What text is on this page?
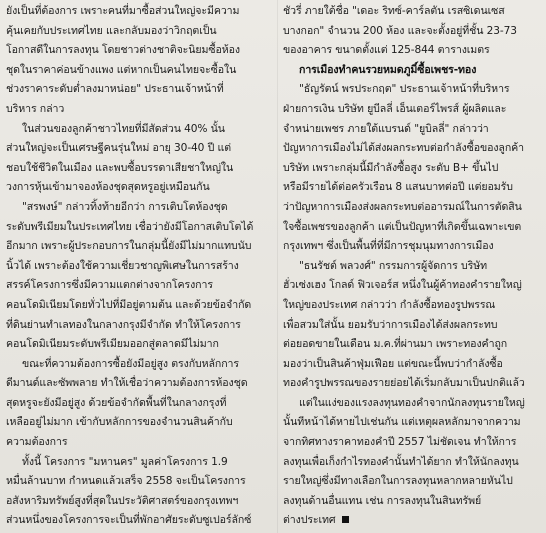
ยังเป็นที่ต้องการ เพราะคนที่มาซื้อส่วนใหญ่จะมีความ
คุ้นเคยกับประเทศไทย และกลับมองว่าวิกฤตเป็น
โอกาสดีในการลงทุน โดยชาวต่างชาติจะนิยมซื้อห้อง
ชุดในราคาค่อนข้างแพง แต่หากเป็นคนไทยจะซื้อใน
ช่วงราคาระดับต่ำลงมาหน่อย" ประธานเจ้าหน้าที่
บริหาร กล่าว
ในส่วนของลูกค้าชาวไทยที่มีสัดส่วน 40% นั้น
ส่วนใหญ่จะเป็นเศรษฐีคนรุ่นใหม่ อายุ 30-40 ปี แต่
ชอบใช้ชีวิตในเมือง และพบซื้อบรรดาเสียชาใหญ่ใน
วงการหุ้นเข้ามาจองห้องชุดสุดหรูอยู่เหมือนกัน
"สรพงษ์" กล่าวทิ้งท้ายอีกว่า การเติบโตห้องชุด
ระดับพรีเมียมในประเทศไทย เชื่อว่ายังมีโอกาสเติบโตได้
อีกมาก เพราะผู้ประกอบการในกลุ่มนี้ยังมีไม่มากแทบนับ
นิ้วได้ เพราะต้องใช้ความเชี่ยวชาญพิเศษในการสร้าง
สรรค์โครงการซึ่งมีความแตกต่างจากโครงการ
คอนโดมิเนียมโดยทั่วไปที่มีอยู่ตามต้น และด้วยข้อจำกัด
ที่ดินย่านทำเลทองในกลางกรุงมีจำกัด ทำให้โครงการ
คอนโดมิเนียมระดับพรีเมียมออกสู่ตลาดมีไม่มาก
ขณะที่ความต้องการซื้อยังมีอยู่สูง ตรงกับหลักการ
ดีมานด์และซัพพลาย ทำให้เชื่อว่าความต้องการห้องชุด
สุดหรูจะยังมีอยู่สูง ด้วยข้อจำกัดพื้นที่ในกลางกรุงที่
เหลืออยู่ไม่มาก เข้ากับหลักการของจำนวนสินค้ากับ
ความต้องการ
ทั้งนี้ โครงการ "มหานคร" มูลค่าโครงการ 1.9
หมื่นล้านบาท กำหนดแล้วเสร็จ 2558 จะเป็นโครงการ
อสังหาริมทรัพย์สูงที่สุดในประวัติศาสตร์ของกรุงเทพฯ
ส่วนหนึ่งของโครงการจะเป็นที่พักอาศัยระดับซูเปอร์ลักซ์
ชัวรี่ ภายใต้ชื่อ "เดอะ ริทซ์-คาร์ลตัน เรสซิเดนเซส
บางกอก" จำนวน 200 ห้อง และจะตั้งอยู่ที่ชั้น 23-73
ของอาคาร ขนาดตั้งแต่ 125-844 ตารางเมตร
การเมืองทำคนรวยหมดภูมิ์ซื้อเพชร-ทอง
"ธัญรัตน์ พรประกฤต" ประธานเจ้าหน้าที่บริหาร
ฝ่ายการเงิน บริษัท ยูบีลลี่ เอ็นเตอร์ไพรส์ ผู้ผลิตและ
จำหน่ายเพชร ภายใต้แบรนด์ "ยูบิลลี่" กล่าวว่า
ปัญหาการเมืองไม่ได้ส่งผลกระทบต่อกำลังซื้อของลูกค้า
บริษัท เพราะกลุ่มนี้มีกำลังซื้อสูง ระดับ B+ ขึ้นไป
หรือมีรายได้ต่อครัวเรือน 8 แสนบาทต่อปี แต่ยอมรับ
ว่าปัญหาการเมืองส่งผลกระทบต่ออารมณ์ในการตัดสิน
ใจซื้อเพชรของลูกค้า แต่เป็นปัญหาที่เกิดขึ้นเฉพาะเขต
กรุงเทพฯ ซึ่งเป็นพื้นที่ที่มีการชุมนุมทางการเมือง
"ธนรัชต์ พลวงศ์" กรรมการผู้จัดการ บริษัท
ฮั่วเซ่งเฮง โกลด์ ฟิวเจอร์ส หนึ่งในผู้ค้าทองคำรายใหญ่
ใหญ่ของประเทศ กล่าวว่า กำลังซื้อทองรูปพรรณ
เพื่อสวมใส่นั้น ยอมรับว่าการเมืองได้ส่งผลกระทบ
ต่อยอดขายในเดือน ม.ค.ที่ผ่านมา เพราะทองคำถูก
มองว่าเป็นสินค้าฟุ่มเฟือย แต่ขณะนี้พบว่ากำลังซื้อ
ทองคำรูปพรรณของรายย่อยได้เริ่มกลับมาเป็นปกติแล้ว
แต่ในแง่ของแรงลงทุนทองคำจากนักลงทุนรายใหญ่
นั้นทีหน้าได้หายไปเช่นกัน แต่เหตุผลหลักมาจากความ
จากทิศทางราคาทองคำปี 2557 ไม่ชัดเจน ทำให้การ
ลงทุนเพื่อเก็งกำไรทองคำนั้นทำได้ยาก ทำให้นักลงทุน
รายใหญ่ซึ่งมีทางเลือกในการลงทุนหลากหลายหันไป
ลงทุนด้านอื่นแทน เช่น การลงทุนในสินทรัพย์
ต่างประเทศ
